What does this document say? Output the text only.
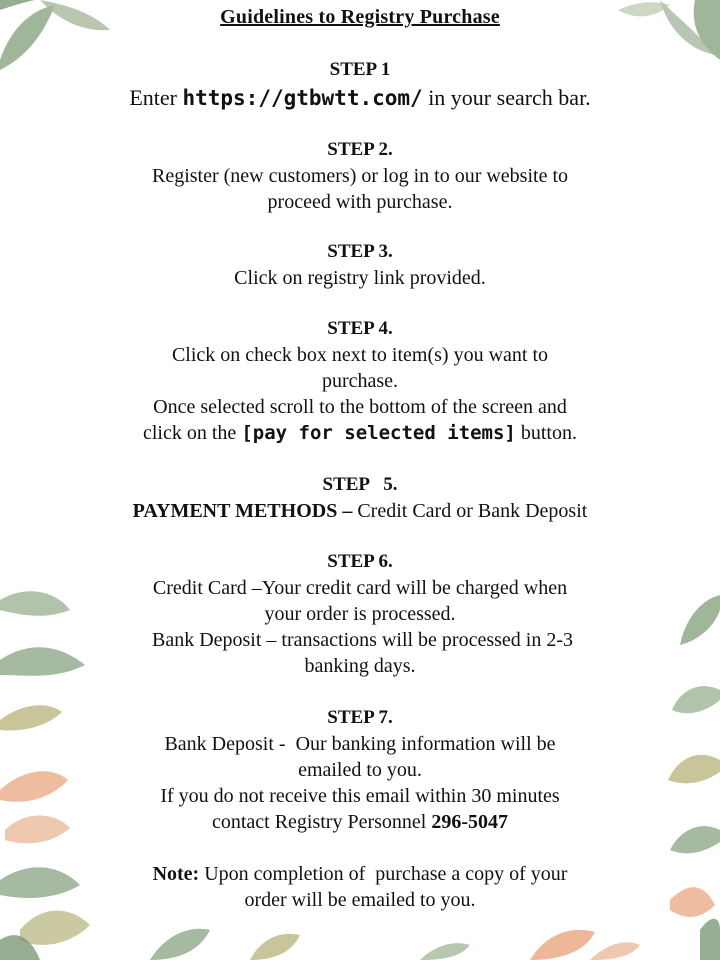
Guidelines to Registry Purchase
STEP 1
Enter https://gtbwtt.com/ in your search bar.
STEP 2.
Register (new customers) or log in to our website to
proceed with purchase.
STEP 3.
Click on registry link provided.
STEP 4.
Click on check box next to item(s) you want to
purchase.
Once selected scroll to the bottom of the screen and
click on the [pay for selected items] button.
STEP   5.
PAYMENT METHODS – Credit Card or Bank Deposit
STEP 6.
Credit Card –Your credit card will be charged when
your order is processed.
Bank Deposit – transactions will be processed in 2-3
banking days.
STEP 7.
Bank Deposit -  Our banking information will be
emailed to you.
If you do not receive this email within 30 minutes
contact Registry Personnel 296-5047
Note: Upon completion of  purchase a copy of your
order will be emailed to you.
